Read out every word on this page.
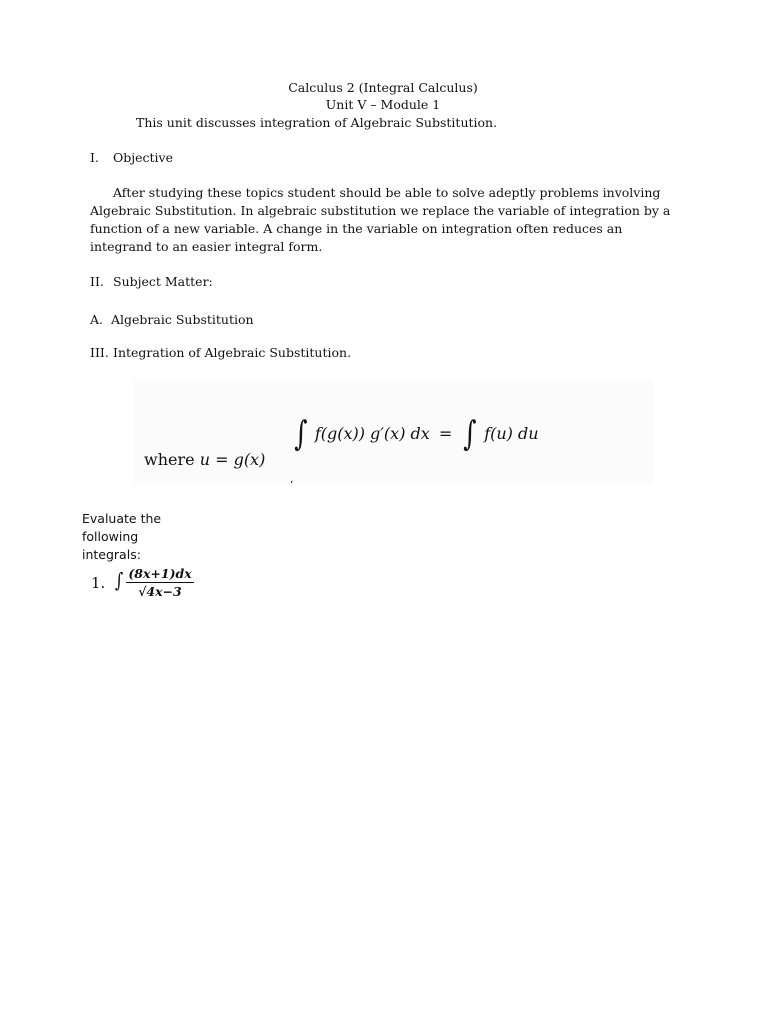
Calculus 2 (Integral Calculus)
Unit V – Module 1
This unit discusses integration of Algebraic Substitution.
I. Objective
After studying these topics student should be able to solve adeptly problems involving
Algebraic Substitution. In algebraic substitution we replace the variable of integration by a
function of a new variable. A change in the variable on integration often reduces an
integrand to an easier integral form.
II. Subject Matter:
A. Algebraic Substitution
III. Integration of Algebraic Substitution.
∫ f(g(x)) g′(x) dx = ∫ f(u) du
where u = g(x)
‘
Evaluate the
following
integrals:
1. ∫ $\frac{(8x+1)dx}{√4x-3}$
